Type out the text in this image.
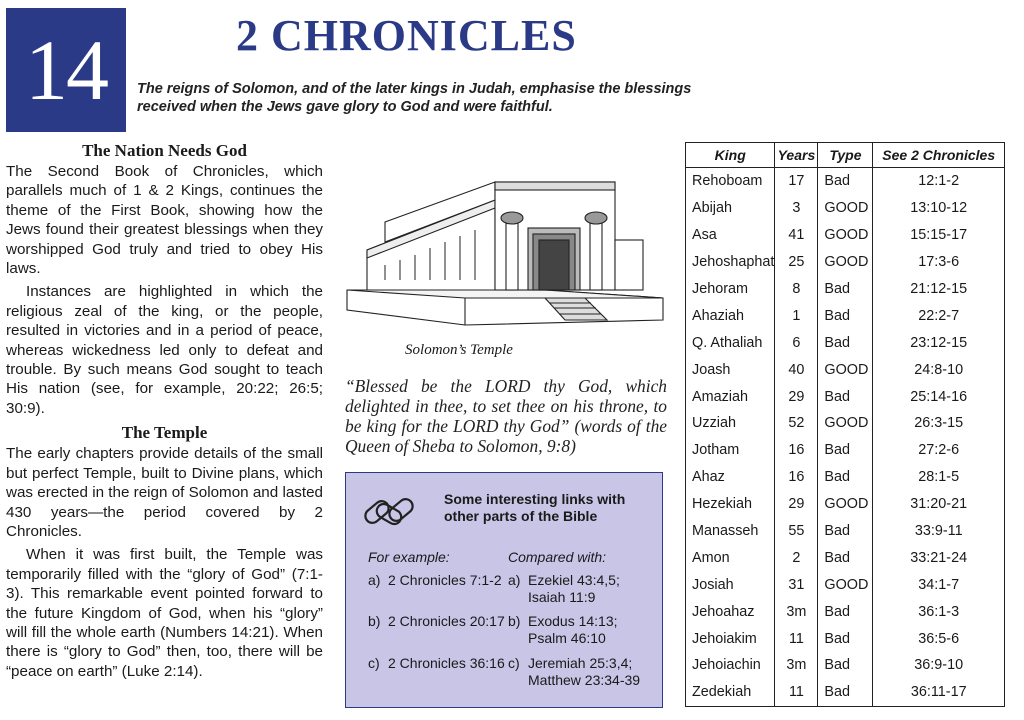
14	2 CHRONICLES
The reigns of Solomon, and of the later kings in Judah, emphasise the blessings received when the Jews gave glory to God and were faithful.
The Nation Needs God

The Second Book of Chronicles, which parallels much of 1 & 2 Kings, continues the theme of the First Book, showing how the Jews found their greatest blessings when they worshipped God truly and tried to obey His laws.

Instances are highlighted in which the religious zeal of the king, or the people, resulted in victories and in a period of peace, whereas wickedness led only to defeat and trouble. By such means God sought to teach His nation (see, for example, 20:22; 26:5; 30:9).

The Temple

The early chapters provide details of the small but perfect Temple, built to Divine plans, which was erected in the reign of Solomon and lasted 430 years—the period covered by 2 Chronicles.

When it was first built, the Temple was temporarily filled with the “glory of God” (7:1-3). This remarkable event pointed forward to the future Kingdom of God, when his “glory” will fill the whole earth (Numbers 14:21). When there is “glory to God” then, too, there will be “peace on earth” (Luke 2:14).

Solomon’s Temple
“Blessed be the LORD thy God, which delighted in thee, to set thee on his throne, to be king for the LORD thy God” (words of the Queen of Sheba to Solomon, 9:8)
Some interesting links with other parts of the Bible
For example:	Compared with:
a) 2 Chronicles 7:1-2 a) Ezekiel 43:4,5; Isaiah 11:9
b) 2 Chronicles 20:17 b) Exodus 14:13; Psalm 46:10
c) 2 Chronicles 36:16 c) Jeremiah 25:3,4; Matthew 23:34-39
King	Years	Type	See 2 Chronicles
Rehoboam	17	Bad	12:1-2
Abijah	3	GOOD	13:10-12
Asa	41	GOOD	15:15-17
Jehoshaphat	25	GOOD	17:3-6
Jehoram	8	Bad	21:12-15
Ahaziah	1	Bad	22:2-7
Q. Athaliah	6	Bad	23:12-15
Joash	40	GOOD	24:8-10
Amaziah	29	Bad	25:14-16
Uzziah	52	GOOD	26:3-15
Jotham	16	Bad	27:2-6
Ahaz	16	Bad	28:1-5
Hezekiah	29	GOOD	31:20-21
Manasseh	55	Bad	33:9-11
Amon	2	Bad	33:21-24
Josiah	31	GOOD	34:1-7
Jehoahaz	3m	Bad	36:1-3
Jehoiakim	11	Bad	36:5-6
Jehoiachin	3m	Bad	36:9-10
Zedekiah	11	Bad	36:11-17
